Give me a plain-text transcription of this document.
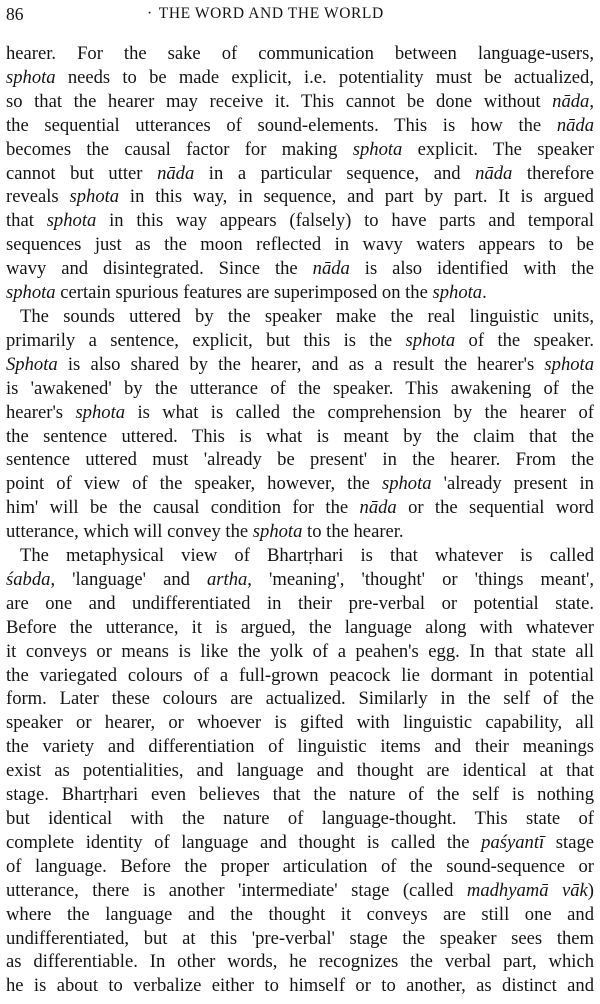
86	· THE WORD AND THE WORLD

hearer. For the sake of communication between language-users,
sphota needs to be made explicit, i.e. potentiality must be actualized,
so that the hearer may receive it. This cannot be done without nāda,
the sequential utterances of sound-elements. This is how the nāda
becomes the causal factor for making sphota explicit. The speaker
cannot but utter nāda in a particular sequence, and nāda therefore
reveals sphota in this way, in sequence, and part by part. It is argued
that sphota in this way appears (falsely) to have parts and temporal
sequences just as the moon reflected in wavy waters appears to be
wavy and disintegrated. Since the nāda is also identified with the
sphota certain spurious features are superimposed on the sphota.

The sounds uttered by the speaker make the real linguistic units,
primarily a sentence, explicit, but this is the sphota of the speaker.
Sphota is also shared by the hearer, and as a result the hearer's sphota
is 'awakened' by the utterance of the speaker. This awakening of the
hearer's sphota is what is called the comprehension by the hearer of
the sentence uttered. This is what is meant by the claim that the
sentence uttered must 'already be present' in the hearer. From the
point of view of the speaker, however, the sphota 'already present in
him' will be the causal condition for the nāda or the sequential word
utterance, which will convey the sphota to the hearer.

The metaphysical view of Bhartṛhari is that whatever is called
śabda, 'language' and artha, 'meaning', 'thought' or 'things meant',
are one and undifferentiated in their pre-verbal or potential state.
Before the utterance, it is argued, the language along with whatever
it conveys or means is like the yolk of a peahen's egg. In that state all
the variegated colours of a full-grown peacock lie dormant in potential
form. Later these colours are actualized. Similarly in the self of the
speaker or hearer, or whoever is gifted with linguistic capability, all
the variety and differentiation of linguistic items and their meanings
exist as potentialities, and language and thought are identical at that
stage. Bhartṛhari even believes that the nature of the self is nothing
but identical with the nature of language-thought. This state of
complete identity of language and thought is called the paśyantī stage
of language. Before the proper articulation of the sound-sequence or
utterance, there is another 'intermediate' stage (called madhyamā vāk)
where the language and the thought it conveys are still one and
undifferentiated, but at this 'pre-verbal' stage the speaker sees them
as differentiable. In other words, he recognizes the verbal part, which
he is about to verbalize either to himself or to another, as distinct and
